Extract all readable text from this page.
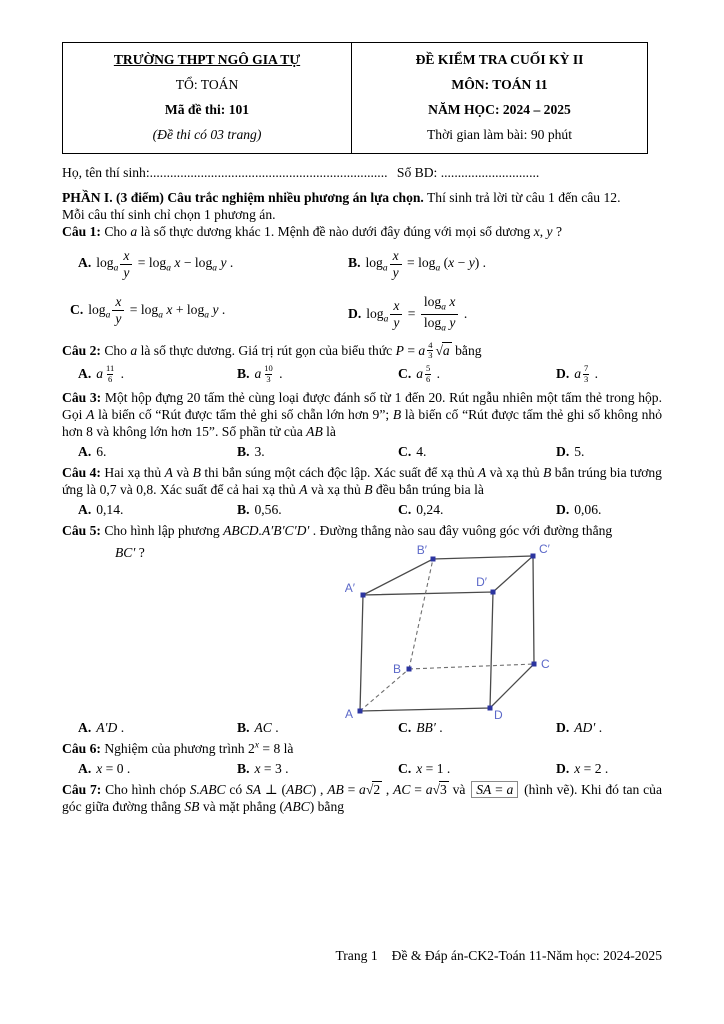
TRƯỜNG THPT NGÔ GIA TỰ
TỔ: TOÁN
Mã đề thi: 101
(Đề thi có 03 trang)

ĐỀ KIỂM TRA CUỐI KỲ II
MÔN: TOÁN 11
NĂM HỌC: 2024 – 2025
Thời gian làm bài: 90 phút
Họ, tên thí sinh:...................................................................... Số BD: .............................
PHẦN I. (3 điểm) Câu trắc nghiệm nhiều phương án lựa chọn. Thí sinh trả lời từ câu 1 đến câu 12.
Mỗi câu thí sinh chỉ chọn 1 phương án.

Câu 1: Cho a là số thực dương khác 1. Mệnh đề nào dưới đây đúng với mọi số dương x, y ?

A. $\log_a \frac{x}{y} = \log_a x - \log_a y$ .	B. $\log_a \frac{x}{y} = \log_a (x - y)$ .
C. $\log_a \frac{x}{y} = \log_a x + \log_a y$ .	D. $\log_a \frac{x}{y} = \frac{\log_a x}{\log_a y}$ .

Câu 2: Cho a là số thực dương. Giá trị rút gọn của biểu thức P = a $\frac{4}{3} √a$ bằng

A. a $\frac{11}{6}$ .	B. a $\frac{10}{3}$ .	C. a $\frac{5}{6}$ .	D. a $\frac{7}{3}$ .

Câu 3: Một hộp đựng 20 tấm thẻ cùng loại được đánh số từ 1 đến 20. Rút ngẫu nhiên một tấm thẻ trong hộp. Gọi A là biến cố “Rút được tấm thẻ ghi số chẵn lớn hơn 9”; B là biến cố “Rút được tấm thẻ ghi số không nhỏ hơn 8 và không lớn hơn 15”. Số phần tử của AB là

A. 6.	B. 3.	C. 4.	D. 5.

Câu 4: Hai xạ thủ A và B thi bắn súng một cách độc lập. Xác suất để xạ thủ A và xạ thủ B bắn trúng bia tương ứng là 0,7 và 0,8. Xác suất để cả hai xạ thủ A và xạ thủ B đều bắn trúng bia là

A. 0,14.	B. 0,56.	C. 0,24.	D. 0,06.

Câu 5: Cho hình lập phương ABCD.A′B′C′D′ . Đường thẳng nào sau đây vuông góc với đường thẳng

BC′ ?
A	D
A′	D′
B	C
B′	C′
A. A′D .	B. AC .	C. BB′ .	D. AD′ .

Câu 6: Nghiệm của phương trình $2^x = 8$ là

A. x = 0 .	B. x = 3 .	C. x = 1 .	D. x = 2 .

Câu 7: Cho hình chóp S.ABC có SA ⊥ (ABC) , AB = a√2 , AC = a√3 và SA = a (hình vẽ). Khi đó tan của góc giữa đường thẳng SB và mặt phẳng (ABC) bằng

Trang 1 Đề & Đáp án-CK2-Toán 11-Năm học: 2024-2025
